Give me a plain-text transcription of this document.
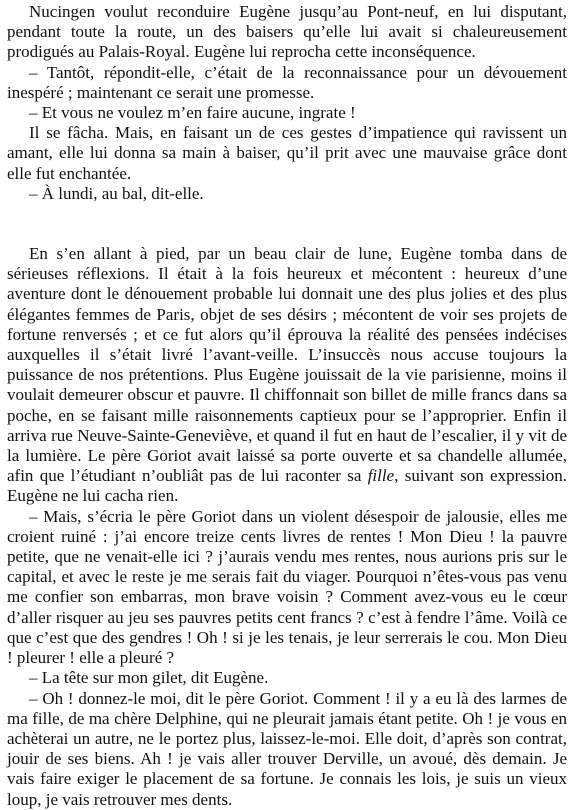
Nucingen voulut reconduire Eugène jusqu’au Pont-neuf, en lui disputant, pendant toute la route, un des baisers qu’elle lui avait si chaleureusement prodigués au Palais-Royal. Eugène lui reprocha cette inconséquence.

– Tantôt, répondit-elle, c’était de la reconnaissance pour un dévouement inespéré ; maintenant ce serait une promesse.

– Et vous ne voulez m’en faire aucune, ingrate !

Il se fâcha. Mais, en faisant un de ces gestes d’impatience qui ravissent un amant, elle lui donna sa main à baiser, qu’il prit avec une mauvaise grâce dont elle fut enchantée.

– À lundi, au bal, dit-elle.

En s’en allant à pied, par un beau clair de lune, Eugène tomba dans de sérieuses réflexions. Il était à la fois heureux et mécontent : heureux d’une aventure dont le dénouement probable lui donnait une des plus jolies et des plus élégantes femmes de Paris, objet de ses désirs ; mécontent de voir ses projets de fortune renversés ; et ce fut alors qu’il éprouva la réalité des pensées indécises auxquelles il s’était livré l’avant-veille. L’insuccès nous accuse toujours la puissance de nos prétentions. Plus Eugène jouissait de la vie parisienne, moins il voulait demeurer obscur et pauvre. Il chiffonnait son billet de mille francs dans sa poche, en se faisant mille raisonnements captieux pour se l’approprier. Enfin il arriva rue Neuve-Sainte-Geneviève, et quand il fut en haut de l’escalier, il y vit de la lumière. Le père Goriot avait laissé sa porte ouverte et sa chandelle allumée, afin que l’étudiant n’oubliât pas de lui raconter sa fille, suivant son expression. Eugène ne lui cacha rien.

– Mais, s’écria le père Goriot dans un violent désespoir de jalousie, elles me croient ruiné : j’ai encore treize cents livres de rentes ! Mon Dieu ! la pauvre petite, que ne venait-elle ici ? j’aurais vendu mes rentes, nous aurions pris sur le capital, et avec le reste je me serais fait du viager. Pourquoi n’êtes-vous pas venu me confier son embarras, mon brave voisin ? Comment avez-vous eu le cœur d’aller risquer au jeu ses pauvres petits cent francs ? c’est à fendre l’âme. Voilà ce que c’est que des gendres ! Oh ! si je les tenais, je leur serrerais le cou. Mon Dieu ! pleurer ! elle a pleuré ?

– La tête sur mon gilet, dit Eugène.

– Oh ! donnez-le moi, dit le père Goriot. Comment ! il y a eu là des larmes de ma fille, de ma chère Delphine, qui ne pleurait jamais étant petite. Oh ! je vous en achèterai un autre, ne le portez plus, laissez-le-moi. Elle doit, d’après son contrat, jouir de ses biens. Ah ! je vais aller trouver Derville, un avoué, dès demain. Je vais faire exiger le placement de sa fortune. Je connais les lois, je suis un vieux loup, je vais retrouver mes dents.
